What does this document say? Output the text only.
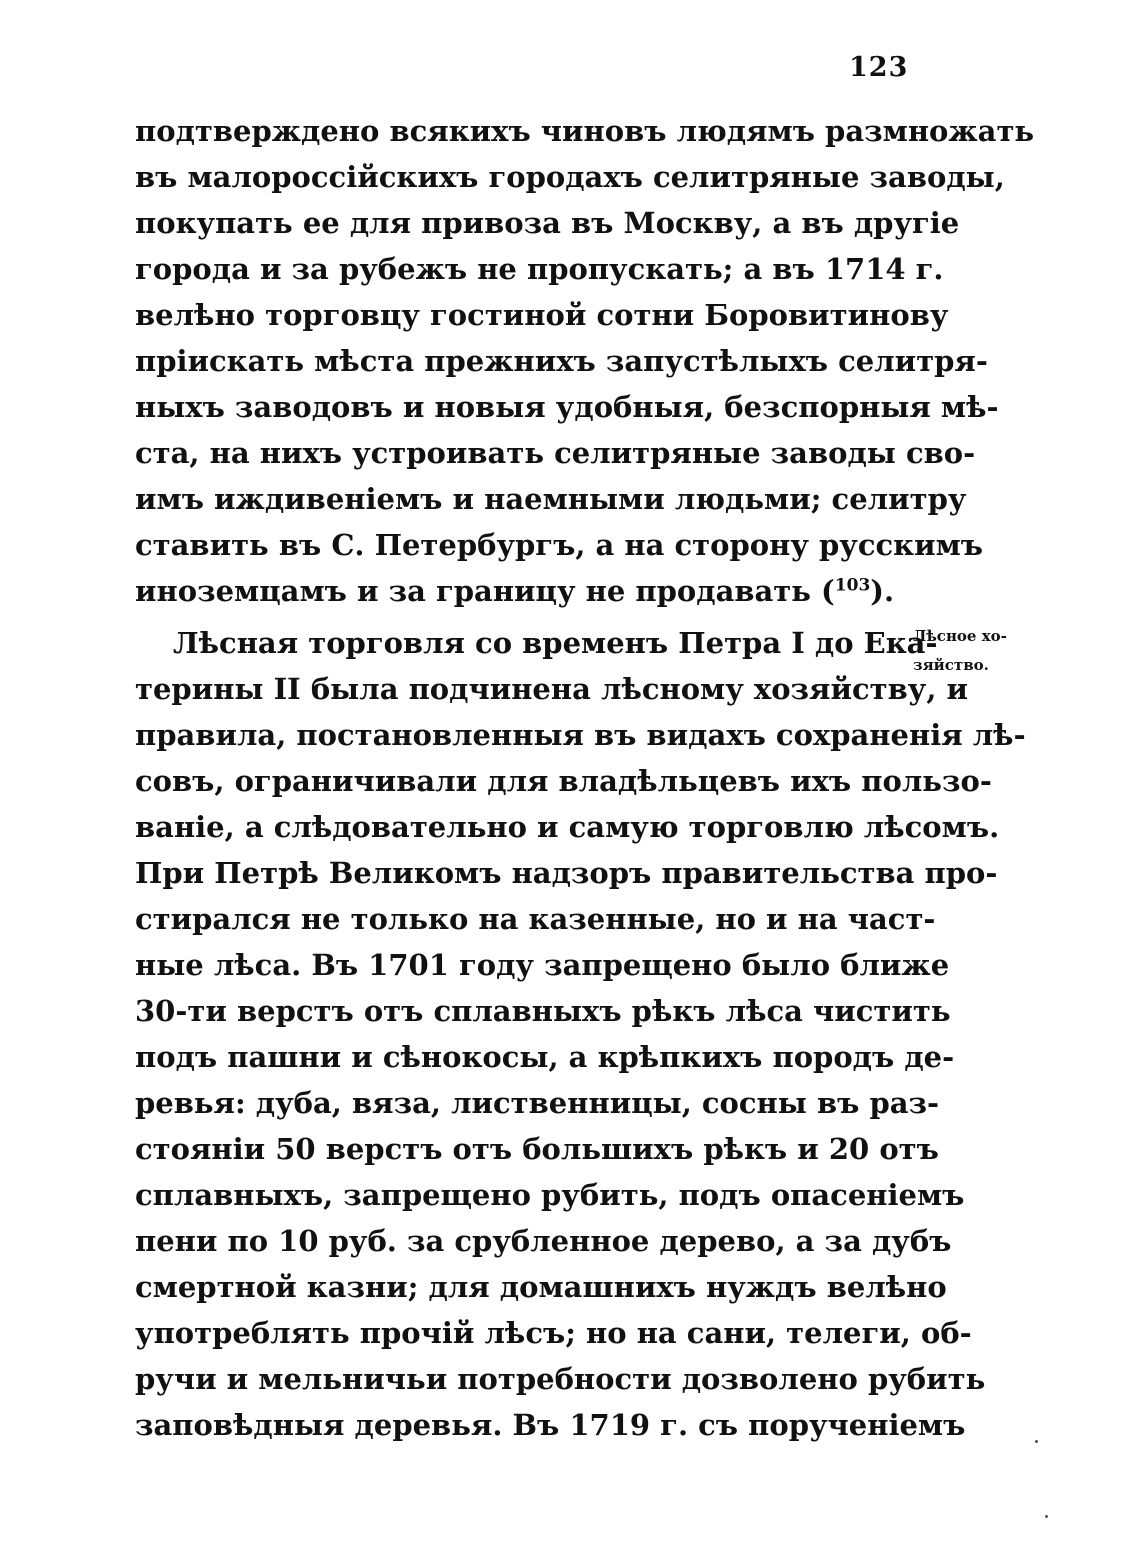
123
подтверждено всякихъ чиновъ людямъ размножать
въ малороссійскихъ городахъ селитряные заводы,
покупать ее для привоза въ Москву, а въ другіе
города и за рубежъ не пропускать; а въ 1714 г.
велѣно торговцу гостиной сотни Боровитинову
пріискать мѣста прежнихъ запустѣлыхъ селитря-
ныхъ заводовъ и новыя удобныя, безспорныя мѣ-
ста, на нихъ устроивать селитряные заводы сво-
имъ иждивеніемъ и наемными людьми; селитру
ставить въ С. Петербургъ, а на сторону русскимъ
иноземцамъ и за границу не продавать ($^{103}$).
Лѣсная торговля со временъ Петра I до Ека-
терины II была подчинена лѣсному хозяйству, и
правила, постановленныя въ видахъ сохраненія лѣ-
совъ, ограничивали для владѣльцевъ ихъ пользо-
ваніе, а слѣдовательно и самую торговлю лѣсомъ.
При Петрѣ Великомъ надзоръ правительства про-
стирался не только на казенные, но и на част-
ные лѣса. Въ 1701 году запрещено было ближе
30-ти верстъ отъ сплавныхъ рѣкъ лѣса чистить
подъ пашни и сѣнокосы, а крѣпкихъ породъ де-
ревья: дуба, вяза, лиственницы, сосны въ раз-
стояніи 50 верстъ отъ большихъ рѣкъ и 20 отъ
сплавныхъ, запрещено рубить, подъ опасеніемъ
пени по 10 руб. за срубленное дерево, а за дубъ
смертной казни; для домашнихъ нуждъ велѣно
употреблять прочій лѣсъ; но на сани, телеги, об-
ручи и мельничьи потребности дозволено рубить
заповѣдныя деревья. Въ 1719 г. съ порученіемъ
Лѣсное хо-
зяйство.
